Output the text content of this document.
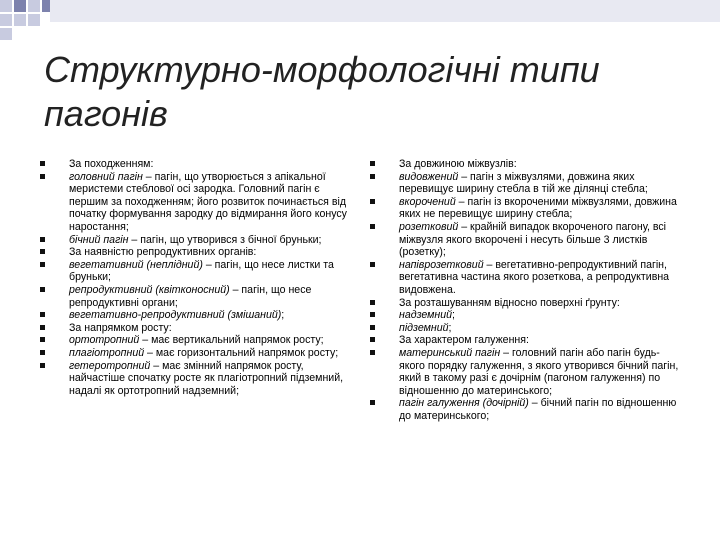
Структурно-морфологічні типи пагонів
За походженням:
головний пагін – пагін, що утворюється з апікальної меристеми стеблової осі зародка. Головний пагін є першим за походженням; його розвиток починається від початку формування зародку до відмирання його конусу наростання;
бічний пагін – пагін, що утворився з бічної бруньки;
За наявністю репродуктивних органів:
вегетативний (неплідний) – пагін, що несе листки та бруньки;
репродуктивний (квітконосний) – пагін, що несе репродуктивні органи;
вегетативно-репродуктивний (змішаний);
За напрямком росту:
ортотропний – має вертикальний напрямок росту;
плагіотропний – має горизонтальний напрямок росту;
гетеротропний – має змінний напрямок росту, найчастіше спочатку росте як плагіотропний підземний, надалі як ортотропний надземний;
За довжиною міжвузлів:
видовжений – пагін з міжвузлями, довжина яких перевищує ширину стебла в тій же ділянці стебла;
вкорочений – пагін із вкороченими міжвузлями, довжина яких не перевищує ширину стебла;
розетковий – крайній випадок вкороченого пагону, всі міжвузля якого вкорочені і несуть більше 3 листків (розетку);
напіврозетковий – вегетативно-репродуктивний пагін, вегетативна частина якого розеткова, а репродуктивна видовжена.
За розташуванням відносно поверхні ґрунту:
надземний;
підземний;
За характером галуження:
материнський пагін – головний пагін або пагін будь-якого порядку галуження, з якого утворився бічний пагін, який в такому разі є дочірнім (пагоном галуження) по відношенню до материнського;
пагін галуження (дочірній) – бічний пагін по відношенню до материнського;
